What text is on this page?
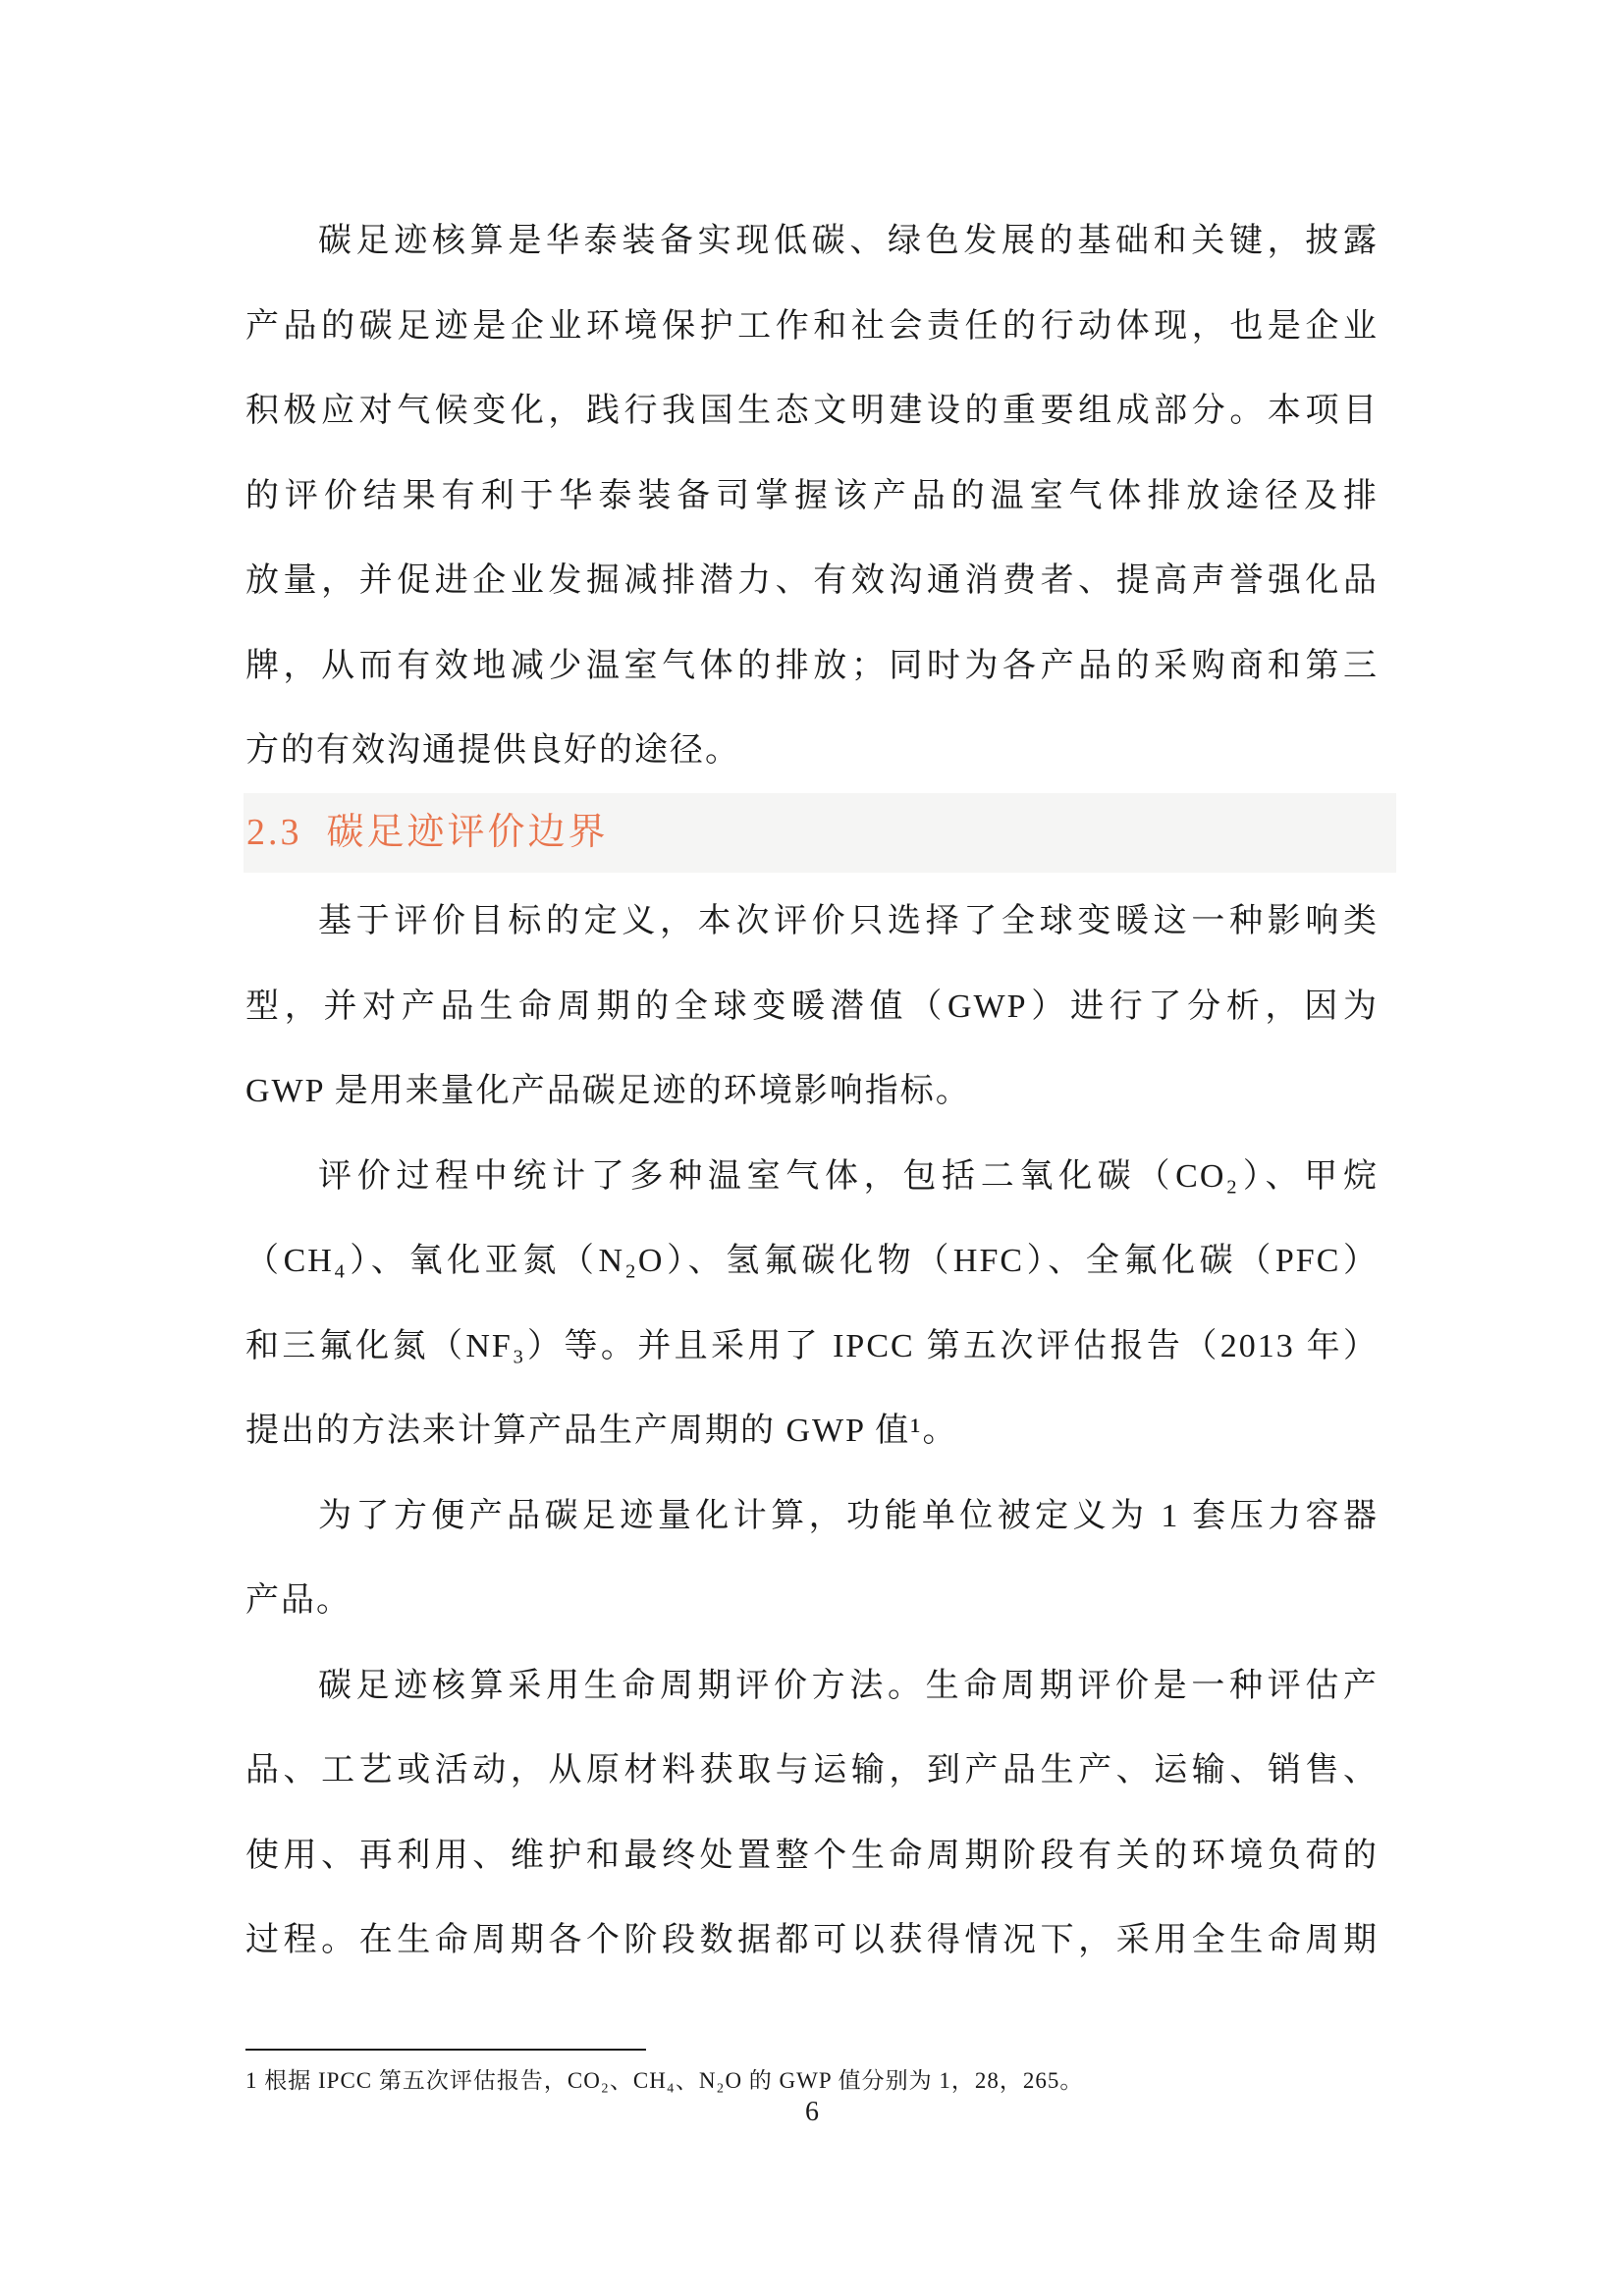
碳足迹核算是华泰装备实现低碳、绿色发展的基础和关键，披露
产品的碳足迹是企业环境保护工作和社会责任的行动体现，也是企业
积极应对气候变化，践行我国生态文明建设的重要组成部分。本项目
的评价结果有利于华泰装备司掌握该产品的温室气体排放途径及排
放量，并促进企业发掘减排潜力、有效沟通消费者、提高声誉强化品
牌，从而有效地减少温室气体的排放；同时为各产品的采购商和第三
方的有效沟通提供良好的途径。
2.3  碳足迹评价边界
基于评价目标的定义，本次评价只选择了全球变暖这一种影响类
型，并对产品生命周期的全球变暖潜值（GWP）进行了分析，因为
GWP 是用来量化产品碳足迹的环境影响指标。
评价过程中统计了多种温室气体，包括二氧化碳（CO₂）、甲烷
（CH₄）、氧化亚氮（N₂O）、氢氟碳化物（HFC）、全氟化碳（PFC）
和三氟化氮（NF₃）等。并且采用了 IPCC 第五次评估报告（2013 年）
提出的方法来计算产品生产周期的 GWP 值¹。
为了方便产品碳足迹量化计算，功能单位被定义为 1 套压力容器
产品。
碳足迹核算采用生命周期评价方法。生命周期评价是一种评估产
品、工艺或活动，从原材料获取与运输，到产品生产、运输、销售、
使用、再利用、维护和最终处置整个生命周期阶段有关的环境负荷的
过程。在生命周期各个阶段数据都可以获得情况下，采用全生命周期
1 根据 IPCC 第五次评估报告，CO₂、CH₄、N₂O 的 GWP 值分别为 1，28，265。
6
